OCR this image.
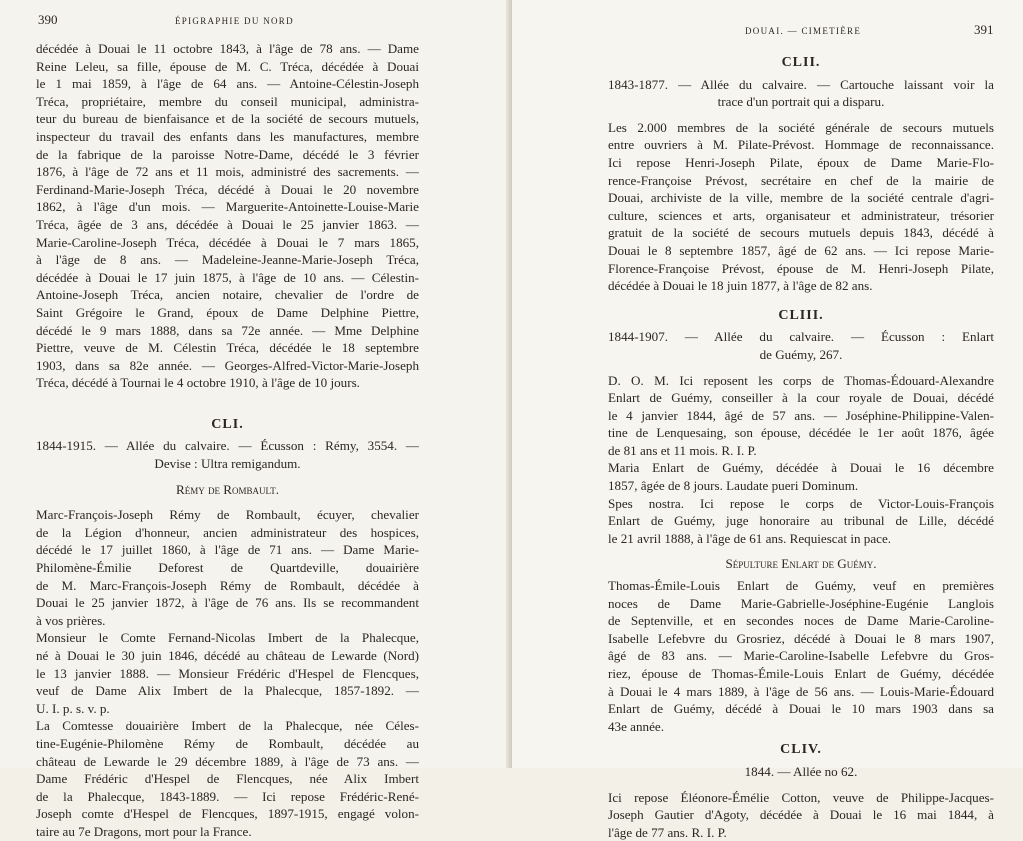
390	ÉPIGRAPHIE DU NORD
décédée à Douai le 11 octobre 1843, à l'âge de 78 ans. — Dame
Reine Leleu, sa fille, épouse de M. C. Tréca, décédée à Douai
le 1 mai 1859, à l'âge de 64 ans. — Antoine-Célestin-Joseph
Tréca, propriétaire, membre du conseil municipal, administra-
teur du bureau de bienfaisance et de la société de secours mutuels,
inspecteur du travail des enfants dans les manufactures, membre
de la fabrique de la paroisse Notre-Dame, décédé le 3 février
1876, à l'âge de 72 ans et 11 mois, administré des sacrements. —
Ferdinand-Marie-Joseph Tréca, décédé à Douai le 20 novembre
1862, à l'âge d'un mois. — Marguerite-Antoinette-Louise-Marie
Tréca, âgée de 3 ans, décédée à Douai le 25 janvier 1863. —
Marie-Caroline-Joseph Tréca, décédée à Douai le 7 mars 1865,
à l'âge de 8 ans. — Madeleine-Jeanne-Marie-Joseph Tréca,
décédée à Douai le 17 juin 1875, à l'âge de 10 ans. — Célestin-
Antoine-Joseph Tréca, ancien notaire, chevalier de l'ordre de
Saint Grégoire le Grand, époux de Dame Delphine Piettre,
décédé le 9 mars 1888, dans sa 72e année. — Mme Delphine
Piettre, veuve de M. Célestin Tréca, décédée le 18 septembre
1903, dans sa 82e année. — Georges-Alfred-Victor-Marie-Joseph
Tréca, décédé à Tournai le 4 octobre 1910, à l'âge de 10 jours.
CLI.
1844-1915. — Allée du calvaire. — Écusson : Rémy, 3554. —
Devise : Ultra remigandum.
Rémy de Rombault.
Marc-François-Joseph Rémy de Rombault, écuyer, chevalier
de la Légion d'honneur, ancien administrateur des hospices,
décédé le 17 juillet 1860, à l'âge de 71 ans. — Dame Marie-
Philomène-Émilie Deforest de Quartdeville, douairière
de M. Marc-François-Joseph Rémy de Rombault, décédée à
Douai le 25 janvier 1872, à l'âge de 76 ans. Ils se recommandent
à vos prières.
Monsieur le Comte Fernand-Nicolas Imbert de la Phalecque,
né à Douai le 30 juin 1846, décédé au château de Lewarde (Nord)
le 13 janvier 1888. — Monsieur Frédéric d'Hespel de Flencques,
veuf de Dame Alix Imbert de la Phalecque, 1857-1892. —
U. I. p. s. v. p.
La Comtesse douairière Imbert de la Phalecque, née Céles-
tine-Eugénie-Philomène Rémy de Rombault, décédée au
château de Lewarde le 29 décembre 1889, à l'âge de 73 ans. —
Dame Frédéric d'Hespel de Flencques, née Alix Imbert
de la Phalecque, 1843-1889. — Ici repose Frédéric-René-
Joseph comte d'Hespel de Flencques, 1897-1915, engagé volon-
taire au 7e Dragons, mort pour la France.
DOUAI. — CIMETIÈRE	391
CLII.
1843-1877. — Allée du calvaire. — Cartouche laissant voir la
trace d'un portrait qui a disparu.
Les 2.000 membres de la société générale de secours mutuels
entre ouvriers à M. Pilate-Prévost. Hommage de reconnaissance.
Ici repose Henri-Joseph Pilate, époux de Dame Marie-Flo-
rence-Françoise Prévost, secrétaire en chef de la mairie de
Douai, archiviste de la ville, membre de la société centrale d'agri-
culture, sciences et arts, organisateur et administrateur, trésorier
gratuit de la société de secours mutuels depuis 1843, décédé à
Douai le 8 septembre 1857, âgé de 62 ans. — Ici repose Marie-
Florence-Françoise Prévost, épouse de M. Henri-Joseph Pilate,
décédée à Douai le 18 juin 1877, à l'âge de 82 ans.
CLIII.
1844-1907. — Allée du calvaire. — Écusson : Enlart
de Guémy, 267.
D. O. M. Ici reposent les corps de Thomas-Édouard-Alexandre
Enlart de Guémy, conseiller à la cour royale de Douai, décédé
le 4 janvier 1844, âgé de 57 ans. — Joséphine-Philippine-Valen-
tine de Lenquesaing, son épouse, décédée le 1er août 1876, âgée
de 81 ans et 11 mois. R. I. P.
Maria Enlart de Guémy, décédée à Douai le 16 décembre
1857, âgée de 8 jours. Laudate pueri Dominum.
Spes nostra. Ici repose le corps de Victor-Louis-François
Enlart de Guémy, juge honoraire au tribunal de Lille, décédé
le 21 avril 1888, à l'âge de 61 ans. Requiescat in pace.
Sépulture Enlart de Guémy.
Thomas-Émile-Louis Enlart de Guémy, veuf en premières
noces de Dame Marie-Gabrielle-Joséphine-Eugénie Langlois
de Septenville, et en secondes noces de Dame Marie-Caroline-
Isabelle Lefebvre du Grosriez, décédé à Douai le 8 mars 1907,
âgé de 83 ans. — Marie-Caroline-Isabelle Lefebvre du Gros-
riez, épouse de Thomas-Émile-Louis Enlart de Guémy, décédée
à Douai le 4 mars 1889, à l'âge de 56 ans. — Louis-Marie-Édouard
Enlart de Guémy, décédé à Douai le 10 mars 1903 dans sa
43e année.
CLIV.
1844. — Allée no 62.
Ici repose Éléonore-Émélie Cotton, veuve de Philippe-Jacques-
Joseph Gautier d'Agoty, décédée à Douai le 16 mai 1844, à
l'âge de 77 ans. R. I. P.
